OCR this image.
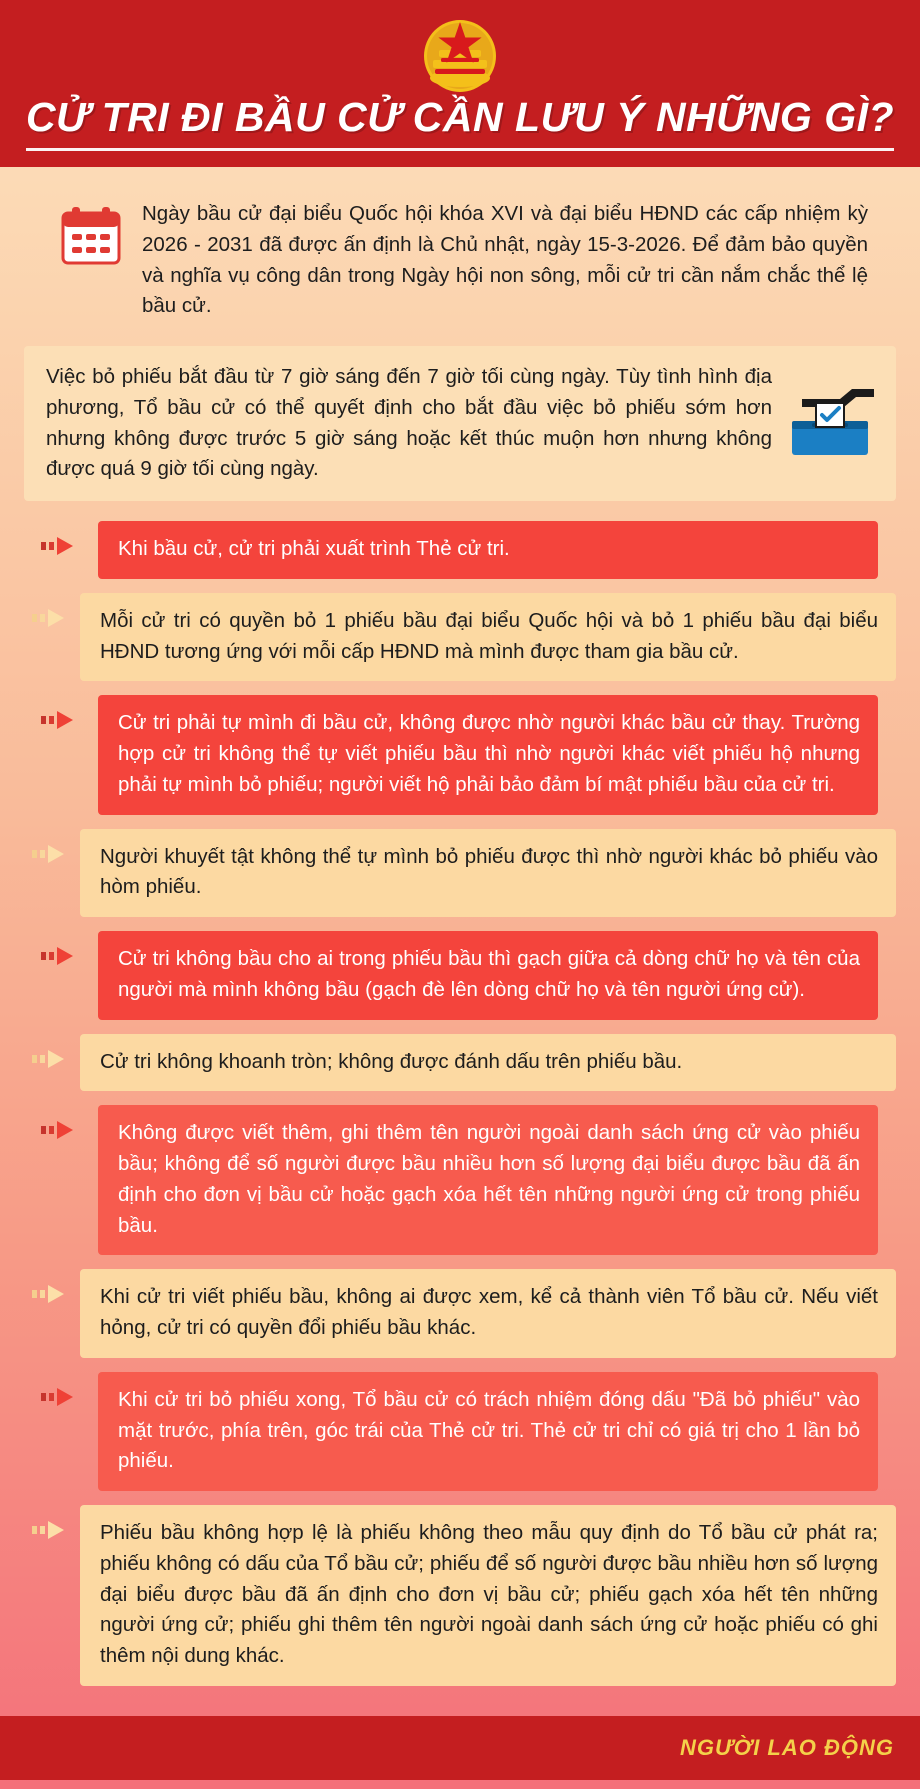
CỬ TRI ĐI BẦU CỬ CẦN LƯU Ý NHỮNG GÌ?
Ngày bầu cử đại biểu Quốc hội khóa XVI và đại biểu HĐND các cấp nhiệm kỳ 2026 - 2031 đã được ấn định là Chủ nhật, ngày 15-3-2026. Để đảm bảo quyền và nghĩa vụ công dân trong Ngày hội non sông, mỗi cử tri cần nắm chắc thể lệ bầu cử.
Việc bỏ phiếu bắt đầu từ 7 giờ sáng đến 7 giờ tối cùng ngày. Tùy tình hình địa phương, Tổ bầu cử có thể quyết định cho bắt đầu việc bỏ phiếu sớm hơn nhưng không được trước 5 giờ sáng hoặc kết thúc muộn hơn nhưng không được quá 9 giờ tối cùng ngày.
Khi bầu cử, cử tri phải xuất trình Thẻ cử tri.
Mỗi cử tri có quyền bỏ 1 phiếu bầu đại biểu Quốc hội và bỏ 1 phiếu bầu đại biểu HĐND tương ứng với mỗi cấp HĐND mà mình được tham gia bầu cử.
Cử tri phải tự mình đi bầu cử, không được nhờ người khác bầu cử thay. Trường hợp cử tri không thể tự viết phiếu bầu thì nhờ người khác viết phiếu hộ nhưng phải tự mình bỏ phiếu; người viết hộ phải bảo đảm bí mật phiếu bầu của cử tri.
Người khuyết tật không thể tự mình bỏ phiếu được thì nhờ người khác bỏ phiếu vào hòm phiếu.
Cử tri không bầu cho ai trong phiếu bầu thì gạch giữa cả dòng chữ họ và tên của người mà mình không bầu (gạch đè lên dòng chữ họ và tên người ứng cử).
Cử tri không khoanh tròn; không được đánh dấu trên phiếu bầu.
Không được viết thêm, ghi thêm tên người ngoài danh sách ứng cử vào phiếu bầu; không để số người được bầu nhiều hơn số lượng đại biểu được bầu đã ấn định cho đơn vị bầu cử hoặc gạch xóa hết tên những người ứng cử trong phiếu bầu.
Khi cử tri viết phiếu bầu, không ai được xem, kể cả thành viên Tổ bầu cử. Nếu viết hỏng, cử tri có quyền đổi phiếu bầu khác.
Khi cử tri bỏ phiếu xong, Tổ bầu cử có trách nhiệm đóng dấu "Đã bỏ phiếu" vào mặt trước, phía trên, góc trái của Thẻ cử tri. Thẻ cử tri chỉ có giá trị cho 1 lần bỏ phiếu.
Phiếu bầu không hợp lệ là phiếu không theo mẫu quy định do Tổ bầu cử phát ra; phiếu không có dấu của Tổ bầu cử; phiếu để số người được bầu nhiều hơn số lượng đại biểu được bầu đã ấn định cho đơn vị bầu cử; phiếu gạch xóa hết tên những người ứng cử; phiếu ghi thêm tên người ngoài danh sách ứng cử hoặc phiếu có ghi thêm nội dung khác.
NGƯỜI LAO ĐỘNG
